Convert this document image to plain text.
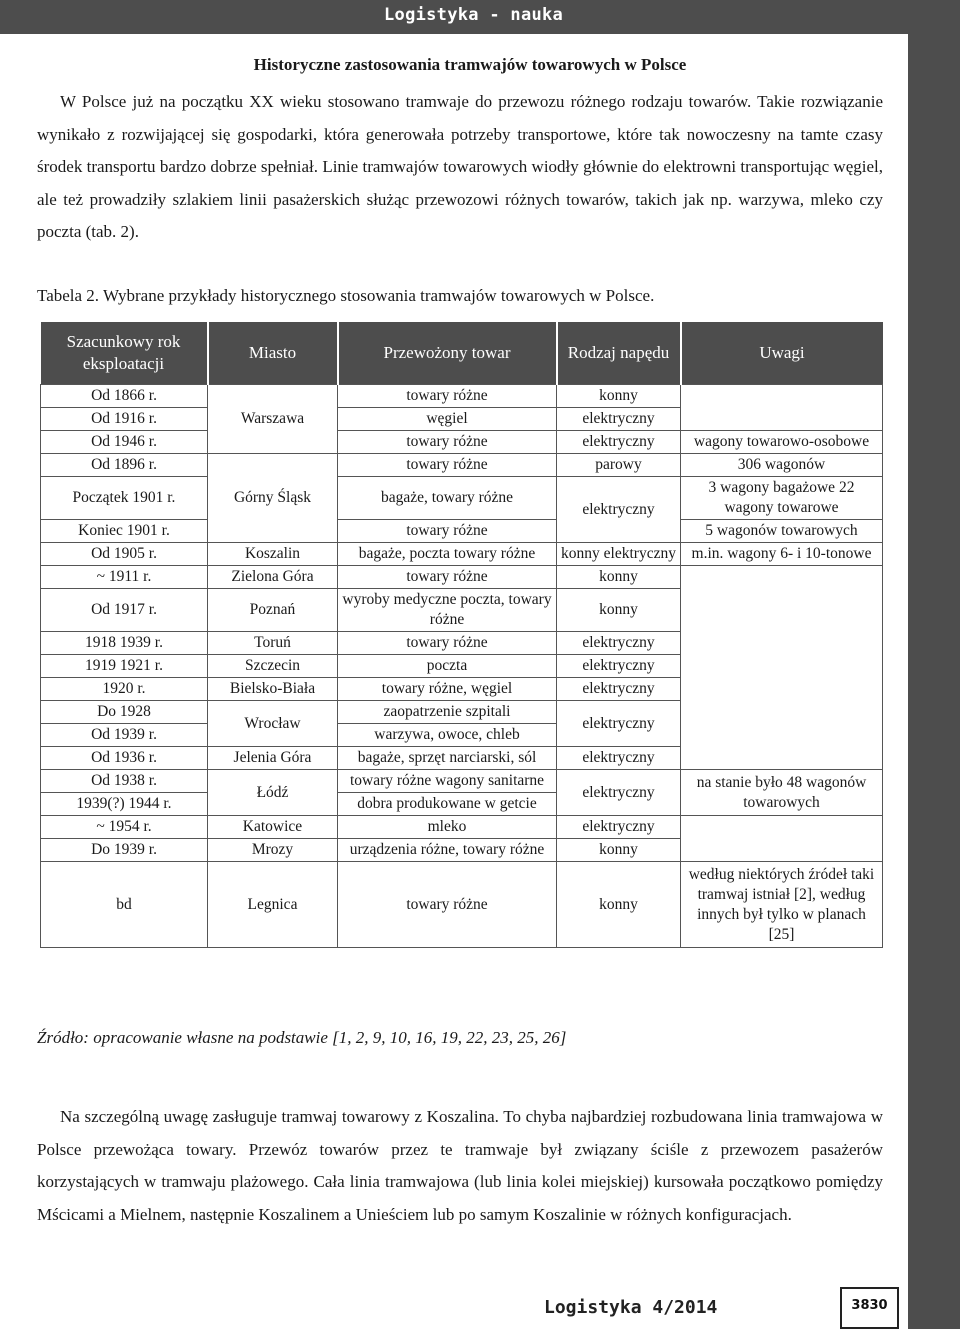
Logistyka - nauka
Historyczne zastosowania tramwajów towarowych w Polsce

W Polsce już na początku XX wieku stosowano tramwaje do przewozu różnego rodzaju towarów. Takie rozwiązanie wynikało z rozwijającej się gospodarki, która generowała potrzeby transportowe, które tak nowoczesny na tamte czasy środek transportu bardzo dobrze spełniał. Linie tramwajów towarowych wiodły głównie do elektrowni transportując węgiel, ale też prowadziły szlakiem linii pasażerskich służąc przewozowi różnych towarów, takich jak np. warzywa, mleko czy poczta (tab. 2).

Tabela 2. Wybrane przykłady historycznego stosowania tramwajów towarowych w Polsce.
Szacunkowy rok eksploatacji	Miasto	Przewożony towar	Rodzaj napędu	Uwagi
Od 1866 r.	Warszawa	towary różne	konny	
Od 1916 r.		węgiel	elektryczny	
Od 1946 r.		towary różne	elektryczny	wagony towarowo-osobowe
Od 1896 r.	Górny Śląsk	towary różne	parowy	306 wagonów
Początek 1901 r.		bagaże, towary różne	elektryczny	3 wagony bagażowe 22 wagony towarowe
Koniec 1901 r.		towary różne		5 wagonów towarowych
Od 1905 r.	Koszalin	bagaże, poczta towary różne	konny elektryczny	m.in. wagony 6- i 10-tonowe
~ 1911 r.	Zielona Góra	towary różne	konny	
Od 1917 r.	Poznań	wyroby medyczne poczta, towary różne	konny	
1918 1939 r.	Toruń	towary różne	elektryczny	
1919 1921 r.	Szczecin	poczta	elektryczny	
1920 r.	Bielsko-Biała	towary różne, węgiel	elektryczny	
Do 1928	Wrocław	zaopatrzenie szpitali	elektryczny	
Od 1939 r.		warzywa, owoce, chleb		
Od 1936 r.	Jelenia Góra	bagaże, sprzęt narciarski, sól	elektryczny	
Od 1938 r.	Łódź	towary różne wagony sanitarne	elektryczny	na stanie było 48 wagonów towarowych
1939(?) 1944 r.		dobra produkowane w getcie		
~ 1954 r.	Katowice	mleko	elektryczny	
Do 1939 r.	Mrozy	urządzenia różne, towary różne	konny	
bd	Legnica	towary różne	konny	według niektórych źródeł taki tramwaj istniał [2], według innych był tylko w planach [25]
Źródło: opracowanie własne na podstawie [1, 2, 9, 10, 16, 19, 22, 23, 25, 26]

Na szczególną uwagę zasługuje tramwaj towarowy z Koszalina. To chyba najbardziej rozbudowana linia tramwajowa w Polsce przewożąca towary. Przewóz towarów przez te tramwaje był związany ściśle z przewozem pasażerów korzystających w tramwaju plażowego. Cała linia tramwajowa (lub linia kolei miejskiej) kursowała początkowo pomiędzy Mścicami a Mielnem, następnie Koszalinem a Unieściem lub po samym Koszalinie w różnych konfiguracjach.

Logistyka 4/2014	3830
